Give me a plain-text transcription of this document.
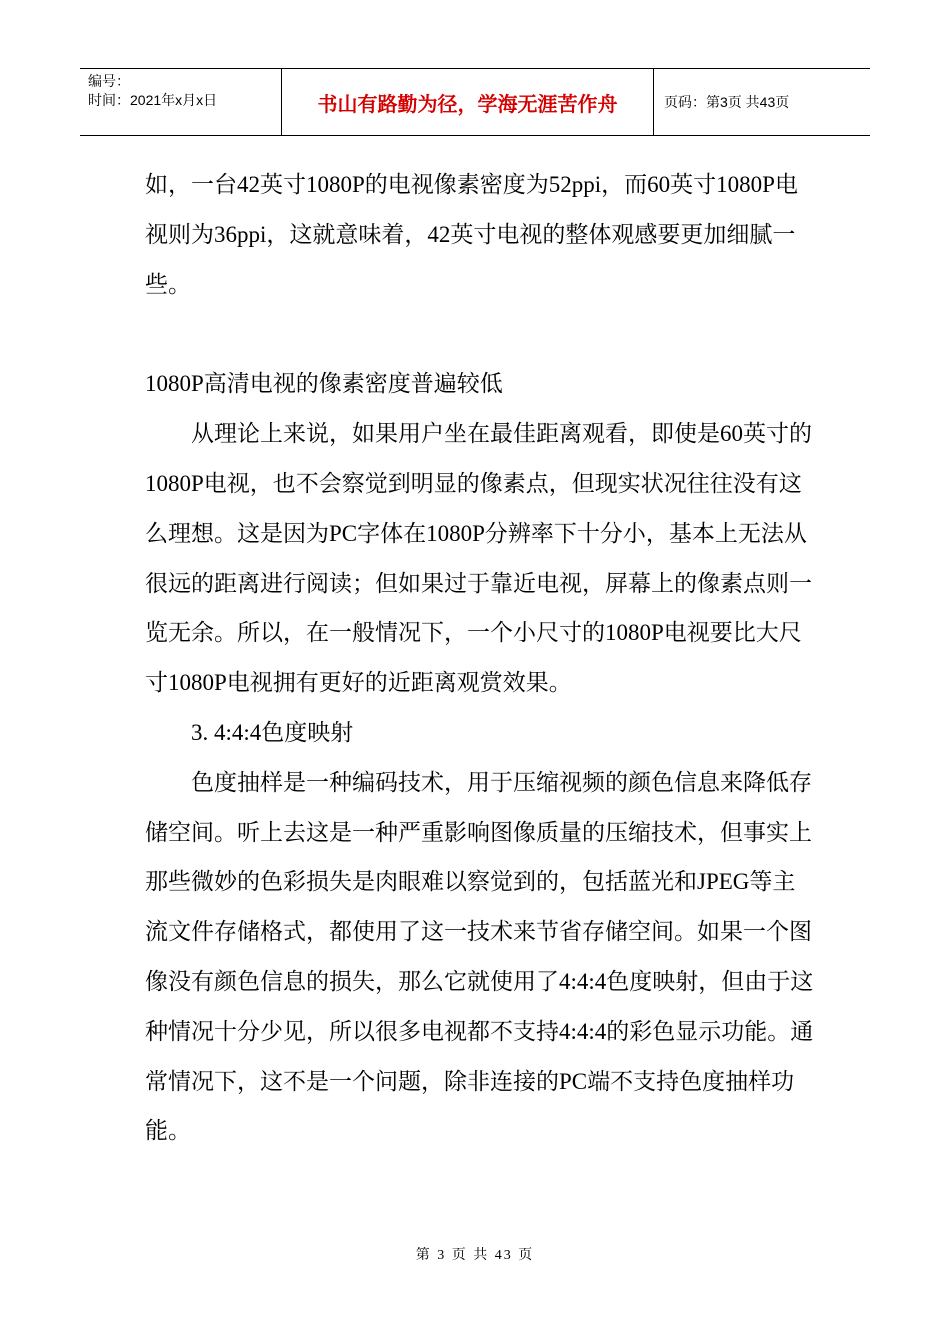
编号：
时间：2021年x月x日	书山有路勤为径，学海无涯苦作舟	页码：第3页 共43页

如，一台42英寸1080P的电视像素密度为52ppi，而60英寸1080P电视则为36ppi，这就意味着，42英寸电视的整体观感要更加细腻一些。

1080P高清电视的像素密度普遍较低

从理论上来说，如果用户坐在最佳距离观看，即使是60英寸的1080P电视，也不会察觉到明显的像素点，但现实状况往往没有这么理想。这是因为PC字体在1080P分辨率下十分小，基本上无法从很远的距离进行阅读；但如果过于靠近电视，屏幕上的像素点则一览无余。所以，在一般情况下，一个小尺寸的1080P电视要比大尺寸1080P电视拥有更好的近距离观赏效果。

3. 4:4:4色度映射

色度抽样是一种编码技术，用于压缩视频的颜色信息来降低存储空间。听上去这是一种严重影响图像质量的压缩技术，但事实上那些微妙的色彩损失是肉眼难以察觉到的，包括蓝光和JPEG等主流文件存储格式，都使用了这一技术来节省存储空间。如果一个图像没有颜色信息的损失，那么它就使用了4:4:4色度映射，但由于这种情况十分少见，所以很多电视都不支持4:4:4的彩色显示功能。通常情况下，这不是一个问题，除非连接的PC端不支持色度抽样功能。

第 3 页 共 43 页
